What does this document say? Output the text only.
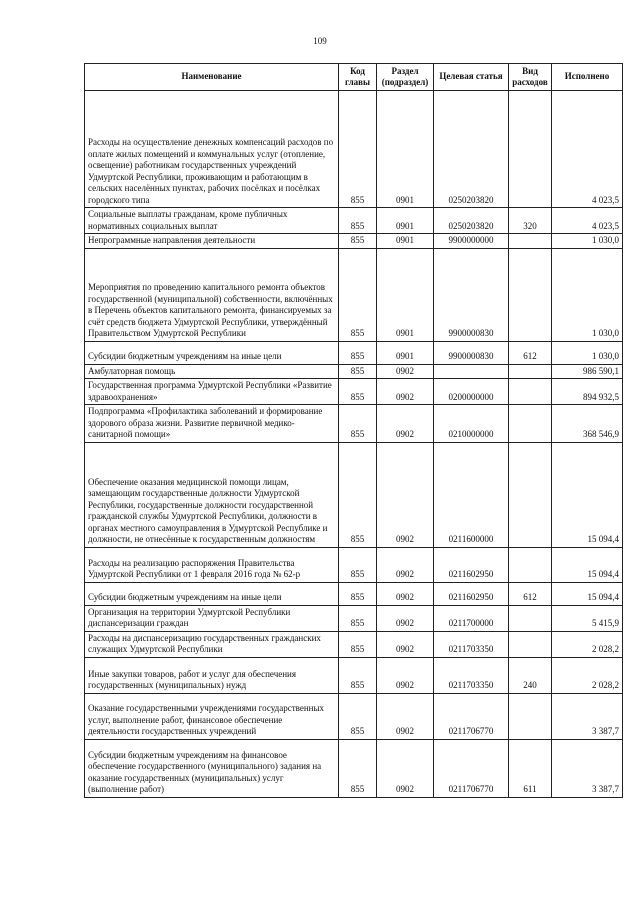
109
Наименование	Код главы	Раздел (подраздел)	Целевая статья	Вид расходов	Исполнено
Расходы на осуществление денежных компенсаций расходов по оплате жилых помещений и коммунальных услуг (отопление, освещение) работникам государственных учреждений Удмуртской Республики, проживающим и работающим в сельских населённых пунктах, рабочих посёлках и посёлках городского типа	855	0901	0250203820		4 023,5
Социальные выплаты гражданам, кроме публичных нормативных социальных выплат	855	0901	0250203820	320	4 023,5
Непрограммные направления деятельности	855	0901	9900000000		1 030,0
Мероприятия по проведению капитального ремонта объектов государственной (муниципальной) собственности, включённых в Перечень объектов капитального ремонта, финансируемых за счёт средств бюджета Удмуртской Республики, утверждённый Правительством Удмуртской Республики	855	0901	9900000830		1 030,0
Субсидии бюджетным учреждениям на иные цели	855	0901	9900000830	612	1 030,0
Амбулаторная помощь	855	0902			986 590,1
Государственная программа Удмуртской Республики «Развитие здравоохранения»	855	0902	0200000000		894 932,5
Подпрограмма «Профилактика заболеваний и формирование здорового образа жизни. Развитие первичной медико-санитарной помощи»	855	0902	0210000000		368 546,9
Обеспечение оказания медицинской помощи лицам, замещающим государственные должности Удмуртской Республики, государственные должности государственной гражданской службы Удмуртской Республики, должности в органах местного самоуправления в Удмуртской Республике и должности, не отнесённые к государственным должностям	855	0902	0211600000		15 094,4
Расходы на реализацию распоряжения Правительства Удмуртской Республики от 1 февраля 2016 года № 62-р	855	0902	0211602950		15 094,4
Субсидии бюджетным учреждениям на иные цели	855	0902	0211602950	612	15 094,4
Организация на территории Удмуртской Республики диспансеризации граждан	855	0902	0211700000		5 415,9
Расходы на диспансеризацию государственных гражданских служащих Удмуртской Республики	855	0902	0211703350		2 028,2
Иные закупки товаров, работ и услуг для обеспечения государственных (муниципальных) нужд	855	0902	0211703350	240	2 028,2
Оказание государственными учреждениями государственных услуг, выполнение работ, финансовое обеспечение деятельности государственных учреждений	855	0902	0211706770		3 387,7
Субсидии бюджетным учреждениям на финансовое обеспечение государственного (муниципального) задания на оказание государственных (муниципальных) услуг (выполнение работ)	855	0902	0211706770	611	3 387,7
